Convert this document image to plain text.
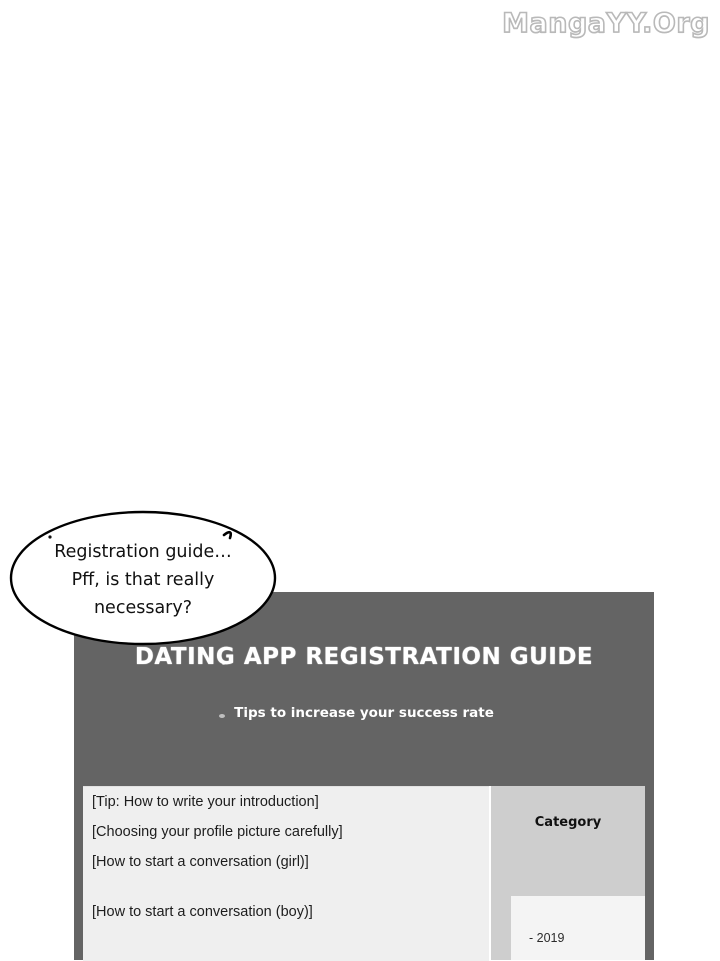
MangaYY.Org
DATING APP REGISTRATION GUIDE
Tips to increase your success rate
[Tip: How to write your introduction]
[Choosing your profile picture carefully]
[How to start a conversation (girl)]
[How to start a conversation (boy)]
Category
- 2019
Registration guide…
Pff, is that really
necessary?
